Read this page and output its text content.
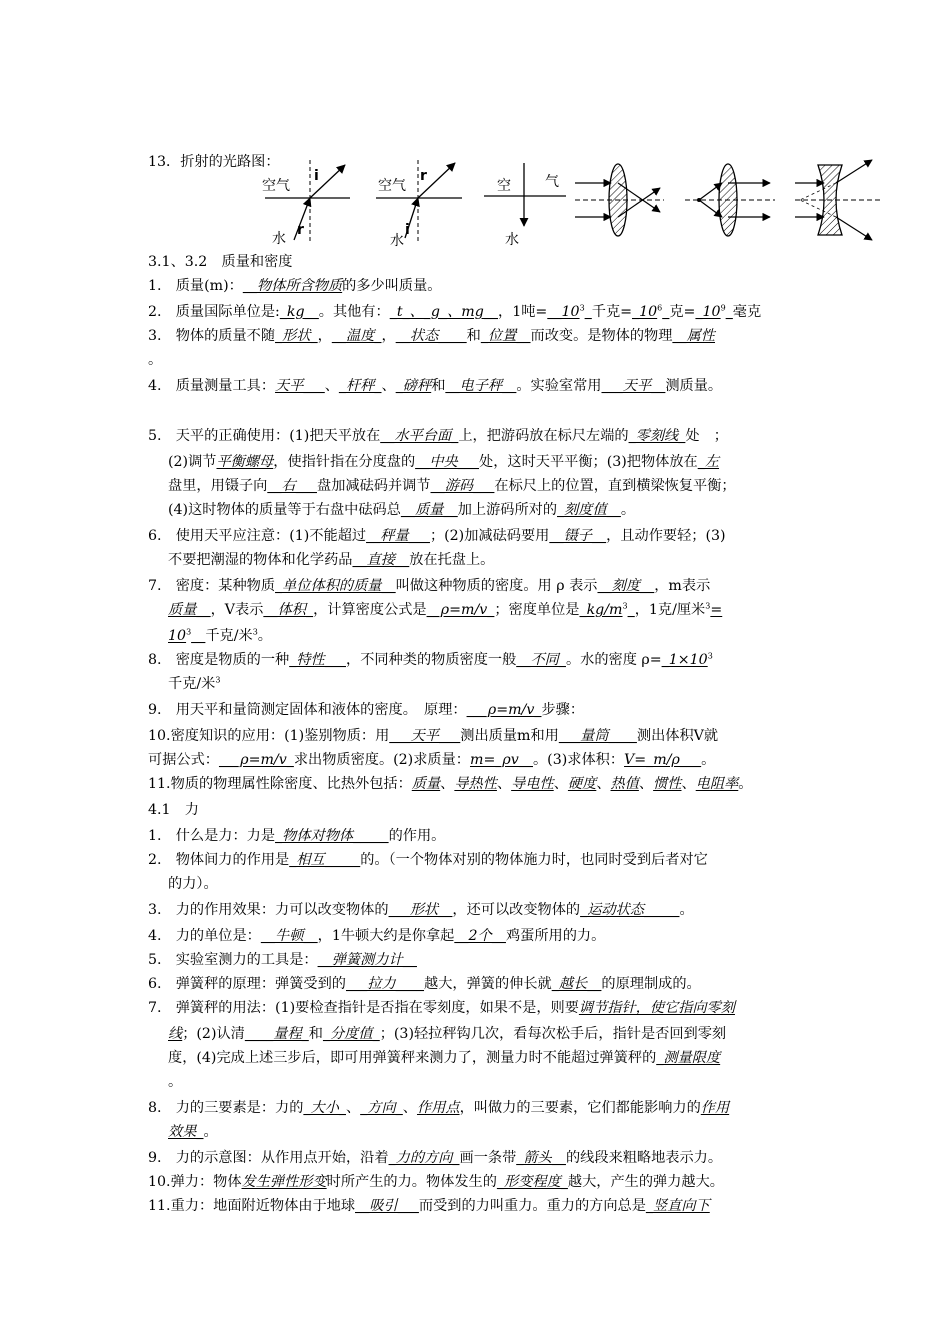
13．折射的光路图：
空气
水
i
r
空气
水
r
i
空 气
水
3.1、3.2　质量和密度
1.　质量(m)：__物体所含物质的多少叫质量。
2.　质量国际单位是:_kg__。其他有：_t_、_g_、mg__，1吨$=\_\_10^3\_$千克$=\_10^6\_$克$=\_10^9\_$毫克
3.　物体的质量不随_形状_，__温度_，__状态____和_位置__而改变。是物体的物理__属性
。
4.　质量测量工具：天平___、_杆秤_、_磅秤和__电子秤__。实验室常用___天平__测质量。
5.　天平的正确使用：(1)把天平放在__水平台面_上，把游码放在标尺左端的_零刻线_处　；
(2)调节平衡螺母，使指针指在分度盘的__中央___处，这时天平平衡；(3)把物体放在_左
盘里，用镊子向__右___盘加减砝码并调节__游码___在标尺上的位置，直到横梁恢复平衡；
(4)这时物体的质量等于右盘中砝码总__质量__加上游码所对的_刻度值__。
6.　使用天平应注意：(1)不能超过__秤量___；(2)加减砝码要用__镊子__，且动作要轻；(3)
不要把潮湿的物体和化学药品__直接__放在托盘上。
7.　密度：某种物质_单位体积的质量__叫做这种物质的密度。用 ρ 表示__刻度__，m表示
质量__，V表示__体积_，计算密度公式是__ρ=m/v_；密度单位是$\_kg/m^3\_$，1克/厘米$^3$=
$10^3\_\_$千克/米$^3$。
8.　密度是物质的一种_特性___，不同种类的物质密度一般__不同_。水的密度 $\rho=\_1\times 10^3$
千克/米$^3$
9.　用天平和量筒测定固体和液体的密度。　原理：___ρ=m/v_步骤：
10.密度知识的应用：(1)鉴别物质：用___天平___测出质量m和用___量筒____测出体积V就
可据公式：___ρ=m/v_求出物质密度。(2)求质量：m=_ρv__。(3)求体积：V=_m/ρ___。
11.物质的物理属性除密度、比热外包括：质量、导热性、导电性、硬度、热值、惯性、电阻率。
4.1　力
1.　什么是力：力是_物体对物体_____的作用。
2.　物体间力的作用是_相互_____的。（一个物体对别的物体施力时，也同时受到后者对它
的力）。
3.　力的作用效果：力可以改变物体的___形状__，还可以改变物体的_运动状态_____。
4.　力的单位是：__牛顿__，1牛顿大约是你拿起__2个__鸡蛋所用的力。
5.　实验室测力的工具是：__弹簧测力计__
6.　弹簧秤的原理：弹簧受到的___拉力____越大，弹簧的伸长就_越长__的原理制成的。
7.　弹簧秤的用法：(1)要检查指针是否指在零刻度，如果不是，则要调节指针，使它指向零刻
线；(2)认清____量程_和_分度值_；(3)轻拉秤钩几次，看每次松手后，指针是否回到零刻
度，(4)完成上述三步后，即可用弹簧秤来测力了，测量力时不能超过弹簧秤的_测量限度
。
8.　力的三要素是：力的_大小_、_方向_、作用点，叫做力的三要素，它们都能影响力的作用
效果_。
9.　力的示意图：从作用点开始，沿着_力的方向_画一条带_箭头__的线段来粗略地表示力。
10.弹力：物体发生弹性形变时所产生的力。物体发生的_形变程度_越大，产生的弹力越大。
11.重力：地面附近物体由于地球__吸引___而受到的力叫重力。重力的方向总是_竖直向下
